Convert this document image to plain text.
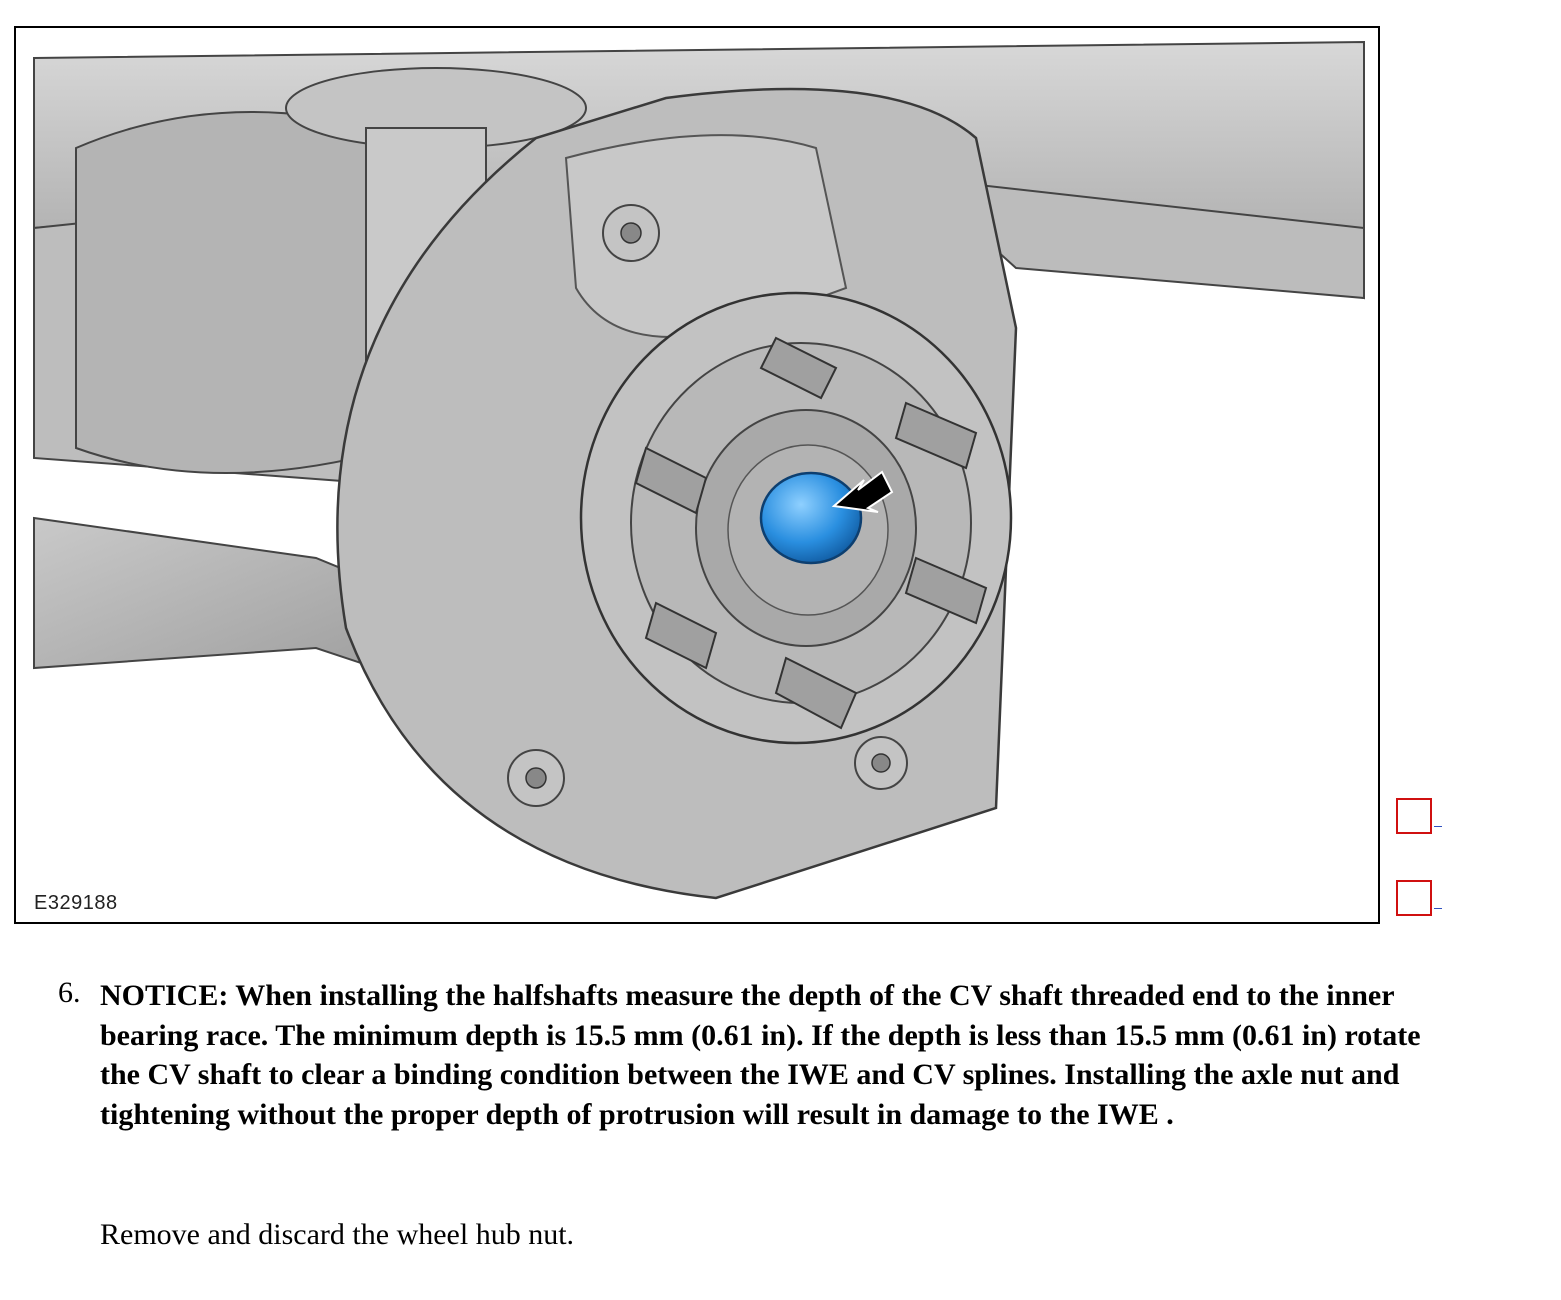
E329188
6. NOTICE: When installing the halfshafts measure the depth of the CV shaft threaded end to the inner bearing race. The minimum depth is 15.5 mm (0.61 in). If the depth is less than 15.5 mm (0.61 in) rotate the CV shaft to clear a binding condition between the IWE and CV splines. Installing the axle nut and tightening without the proper depth of protrusion will result in damage to the IWE .
Remove and discard the wheel hub nut.
